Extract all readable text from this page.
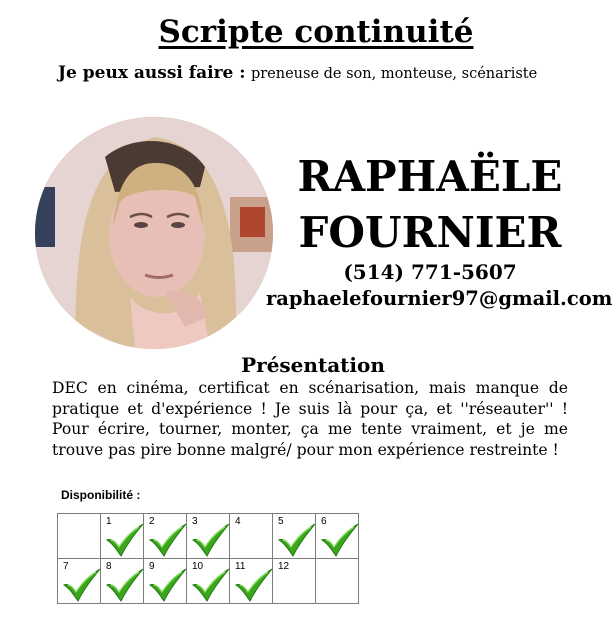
Scripte continuité
Je peux aussi faire : preneuse de son, monteuse, scénariste
RAPHAËLE
FOURNIER
(514) 771-5607
raphaelefournier97@gmail.com
Présentation
DEC en cinéma, certificat en scénarisation, mais manque de pratique et d'expérience ! Je suis là pour ça, et ''réseauter'' ! Pour écrire, tourner, monter, ça me tente vraiment, et je me trouve pas pire bonne malgré/ pour mon expérience restreinte !
Disponibilité :

	1	2	3	4	5	6

7	8	9	10	11	12	
